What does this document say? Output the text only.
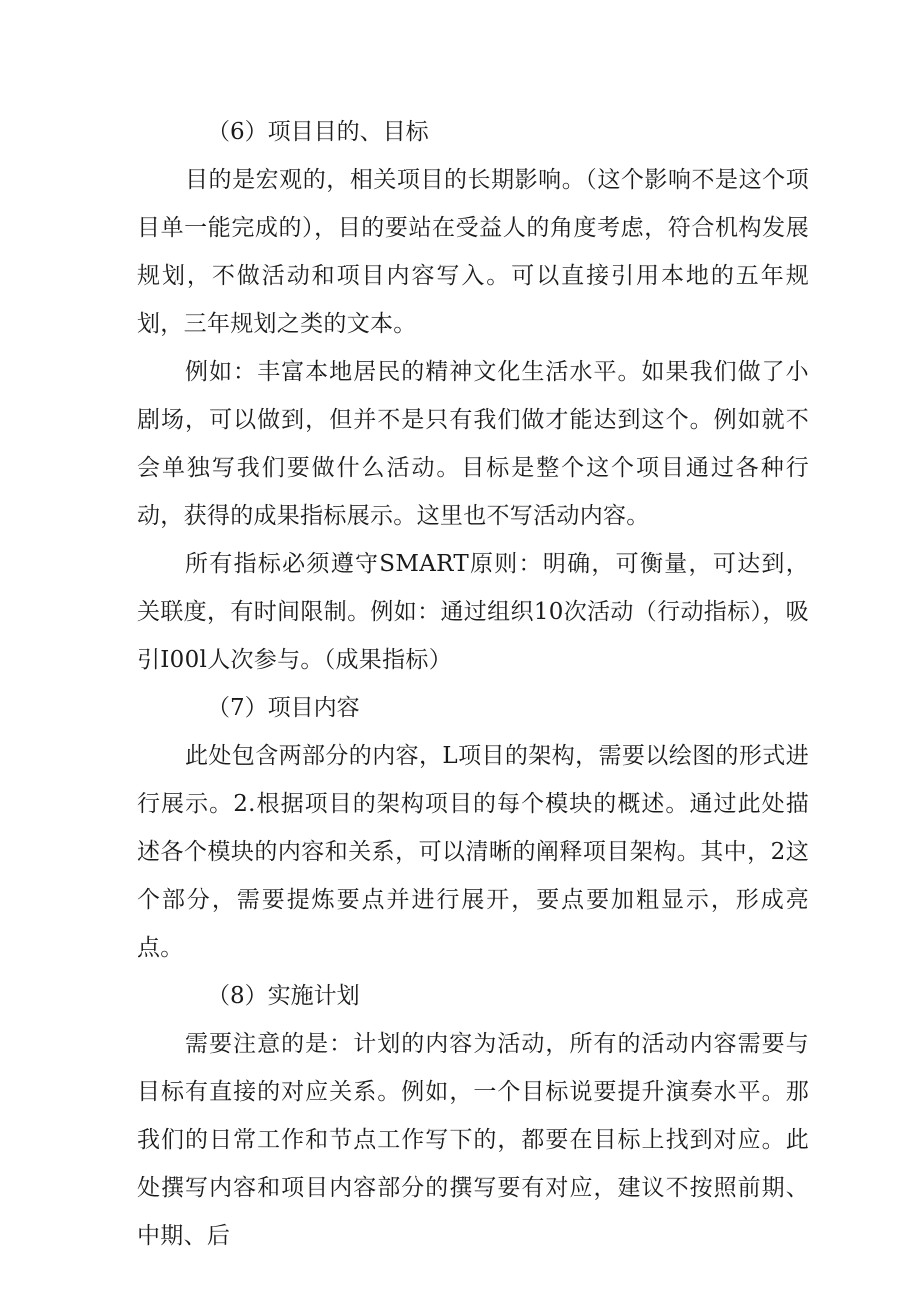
（6）项目目的、目标

目的是宏观的，相关项目的长期影响。（这个影响不是这个项目单一能完成的），目的要站在受益人的角度考虑，符合机构发展规划，不做活动和项目内容写入。可以直接引用本地的五年规划，三年规划之类的文本。

例如：丰富本地居民的精神文化生活水平。如果我们做了小剧场，可以做到，但并不是只有我们做才能达到这个。例如就不会单独写我们要做什么活动。目标是整个这个项目通过各种行动，获得的成果指标展示。这里也不写活动内容。

所有指标必须遵守SMART原则：明确，可衡量，可达到，关联度，有时间限制。例如：通过组织10次活动（行动指标），吸引I00l人次参与。（成果指标）

（7）项目内容

此处包含两部分的内容，L项目的架构，需要以绘图的形式进行展示。2.根据项目的架构项目的每个模块的概述。通过此处描述各个模块的内容和关系，可以清晰的阐释项目架构。其中，2这个部分，需要提炼要点并进行展开，要点要加粗显示，形成亮点。

（8）实施计划

需要注意的是：计划的内容为活动，所有的活动内容需要与目标有直接的对应关系。例如，一个目标说要提升演奏水平。那我们的日常工作和节点工作写下的，都要在目标上找到对应。此处撰写内容和项目内容部分的撰写要有对应，建议不按照前期、中期、后
